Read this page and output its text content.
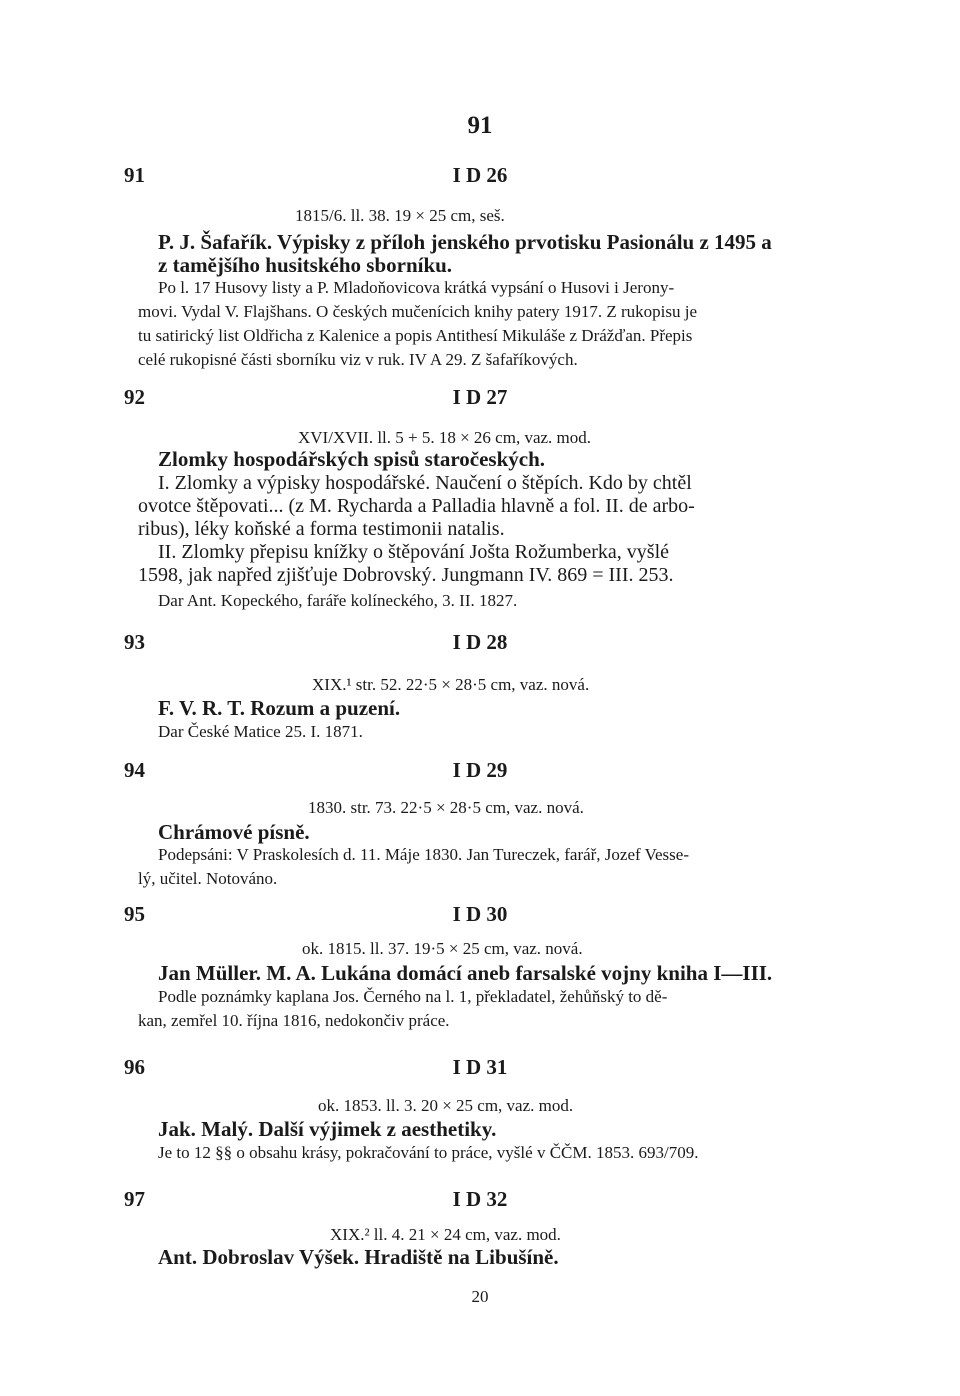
91
91	I D 26
1815/6. ll. 38. 19 × 25 cm, seš.
P. J. Šafařík. Výpisky z příloh jenského prvotisku Pasionálu z 1495 a
z tamějšího husitského sborníku.
Po l. 17 Husovy listy a P. Mladoňovicova krátká vypsání o Husovi i Jerony-
movi. Vydal V. Flajšhans. O českých mučenícich knihy patery 1917. Z rukopisu je
tu satirický list Oldřicha z Kalenice a popis Antithesí Mikuláše z Drážďan. Přepis
celé rukopisné části sborníku viz v ruk. IV A 29. Z šafaříkových.
92	I D 27
XVI/XVII. ll. 5 + 5. 18 × 26 cm, vaz. mod.
Zlomky hospodářských spisů staročeských.
I. Zlomky a výpisky hospodářské. Naučení o štěpích. Kdo by chtěl
ovotce štěpovati... (z M. Rycharda a Palladia hlavně a fol. II. de arbo-
ribus), léky koňské a forma testimonii natalis.
II. Zlomky přepisu knížky o štěpování Jošta Rožumberka, vyšlé
1598, jak napřed zjišťuje Dobrovský. Jungmann IV. 869 = III. 253.
Dar Ant. Kopeckého, faráře kolíneckého, 3. II. 1827.
93	I D 28
XIX.¹ str. 52. 22·5 × 28·5 cm, vaz. nová.
F. V. R. T. Rozum a puzení.
Dar České Matice 25. I. 1871.
94	I D 29
1830. str. 73. 22·5 × 28·5 cm, vaz. nová.
Chrámové písně.
Podepsáni: V Praskolesích d. 11. Máje 1830. Jan Tureczek, farář, Jozef Vesse-
lý, učitel. Notováno.
95	I D 30
ok. 1815. ll. 37. 19·5 × 25 cm, vaz. nová.
Jan Müller. M. A. Lukána domácí aneb farsalské vojny kniha I—III.
Podle poznámky kaplana Jos. Černého na l. 1, překladatel, žehůňský to dě-
kan, zemřel 10. října 1816, nedokončiv práce.
96	I D 31
ok. 1853. ll. 3. 20 × 25 cm, vaz. mod.
Jak. Malý. Další výjimek z aesthetiky.
Je to 12 §§ o obsahu krásy, pokračování to práce, vyšlé v ČČM. 1853. 693/709.
97	I D 32
XIX.² ll. 4. 21 × 24 cm, vaz. mod.
Ant. Dobroslav Výšek. Hradiště na Libušíně.
20
